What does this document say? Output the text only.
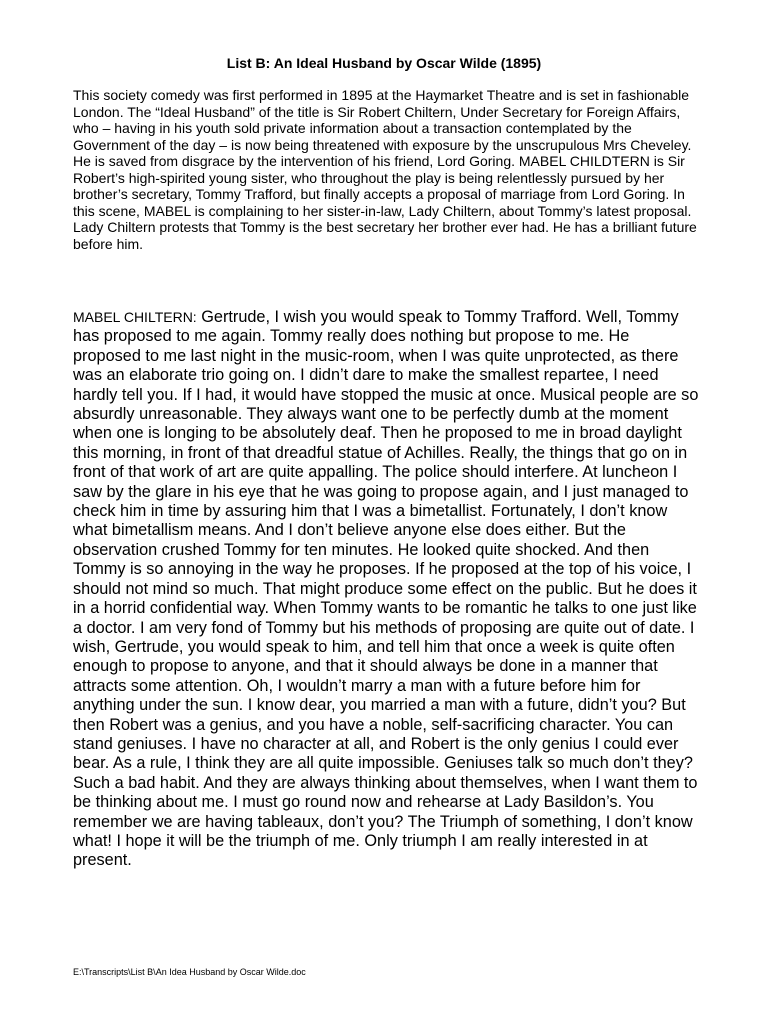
List B: An Ideal Husband by Oscar Wilde (1895)

This society comedy was first performed in 1895 at the Haymarket Theatre and is set in fashionable London. The “Ideal Husband” of the title is Sir Robert Chiltern, Under Secretary for Foreign Affairs, who – having in his youth sold private information about a transaction contemplated by the Government of the day – is now being threatened with exposure by the unscrupulous Mrs Cheveley. He is saved from disgrace by the intervention of his friend, Lord Goring. MABEL CHILDTERN is Sir Robert’s high-spirited young sister, who throughout the play is being relentlessly pursued by her brother’s secretary, Tommy Trafford, but finally accepts a proposal of marriage from Lord Goring. In this scene, MABEL is complaining to her sister-in-law, Lady Chiltern, about Tommy’s latest proposal. Lady Chiltern protests that Tommy is the best secretary her brother ever had. He has a brilliant future before him.

MABEL CHILTERN: Gertrude, I wish you would speak to Tommy Trafford. Well, Tommy has proposed to me again. Tommy really does nothing but propose to me. He proposed to me last night in the music-room, when I was quite unprotected, as there was an elaborate trio going on. I didn’t dare to make the smallest repartee, I need hardly tell you. If I had, it would have stopped the music at once. Musical people are so absurdly unreasonable. They always want one to be perfectly dumb at the moment when one is longing to be absolutely deaf. Then he proposed to me in broad daylight this morning, in front of that dreadful statue of Achilles. Really, the things that go on in front of that work of art are quite appalling. The police should interfere. At luncheon I saw by the glare in his eye that he was going to propose again, and I just managed to check him in time by assuring him that I was a bimetallist. Fortunately, I don’t know what bimetallism means. And I don’t believe anyone else does either. But the observation crushed Tommy for ten minutes. He looked quite shocked. And then Tommy is so annoying in the way he proposes. If he proposed at the top of his voice, I should not mind so much. That might produce some effect on the public. But he does it in a horrid confidential way. When Tommy wants to be romantic he talks to one just like a doctor. I am very fond of Tommy but his methods of proposing are quite out of date. I wish, Gertrude, you would speak to him, and tell him that once a week is quite often enough to propose to anyone, and that it should always be done in a manner that attracts some attention. Oh, I wouldn’t marry a man with a future before him for anything under the sun. I know dear, you married a man with a future, didn’t you? But then Robert was a genius, and you have a noble, self-sacrificing character. You can stand geniuses. I have no character at all, and Robert is the only genius I could ever bear. As a rule, I think they are all quite impossible. Geniuses talk so much don’t they? Such a bad habit. And they are always thinking about themselves, when I want them to be thinking about me. I must go round now and rehearse at Lady Basildon’s. You remember we are having tableaux, don’t you? The Triumph of something, I don’t know what! I hope it will be the triumph of me. Only triumph I am really interested in at present.

E:\Transcripts\List B\An Idea Husband by Oscar Wilde.doc
